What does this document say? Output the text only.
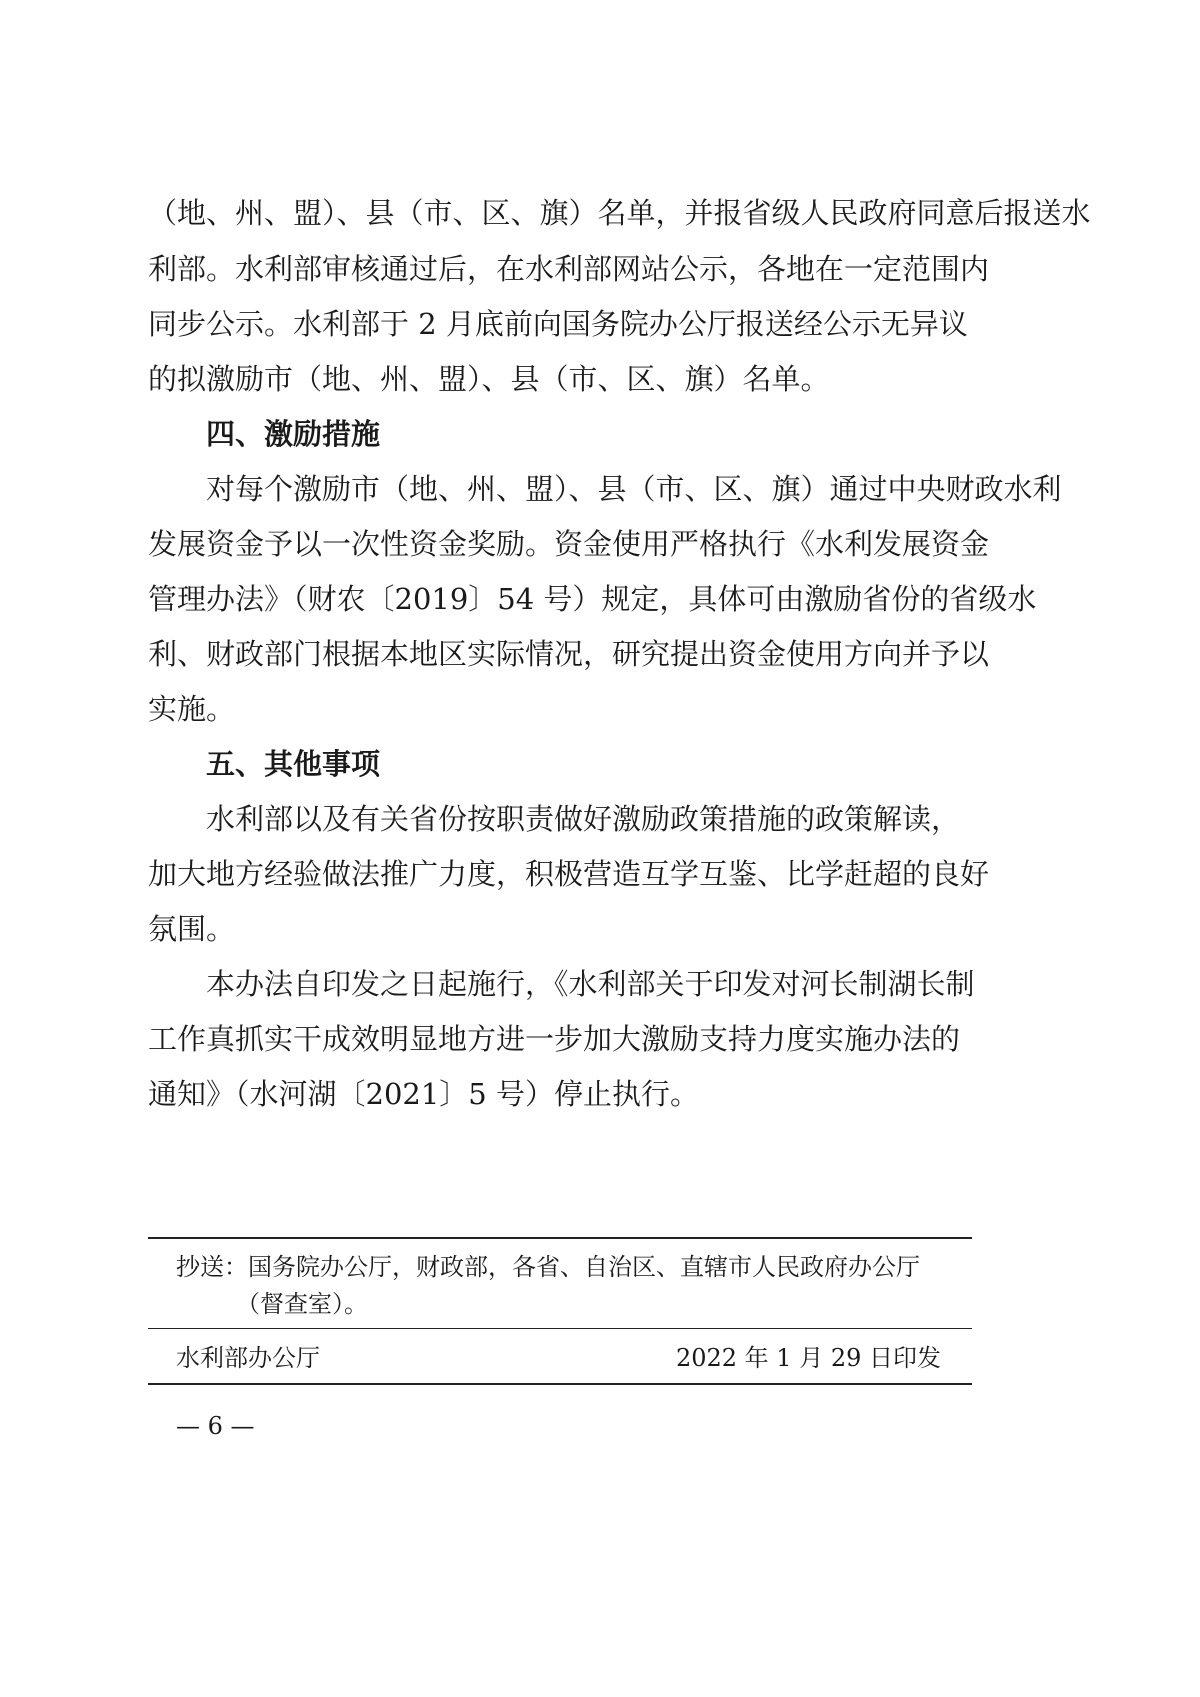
（地、州、盟）、县（市、区、旗）名单，并报省级人民政府同意后报送水
利部。水利部审核通过后，在水利部网站公示，各地在一定范围内
同步公示。水利部于 2 月底前向国务院办公厅报送经公示无异议
的拟激励市（地、州、盟）、县（市、区、旗）名单。
四、激励措施
对每个激励市（地、州、盟）、县（市、区、旗）通过中央财政水利
发展资金予以一次性资金奖励。资金使用严格执行《水利发展资金
管理办法》（财农〔2019〕54 号）规定，具体可由激励省份的省级水
利、财政部门根据本地区实际情况，研究提出资金使用方向并予以
实施。
五、其他事项
水利部以及有关省份按职责做好激励政策措施的政策解读，
加大地方经验做法推广力度，积极营造互学互鉴、比学赶超的良好
氛围。
本办法自印发之日起施行，《水利部关于印发对河长制湖长制
工作真抓实干成效明显地方进一步加大激励支持力度实施办法的
通知》（水河湖〔2021〕5 号）停止执行。
抄送：国务院办公厅，财政部，各省、自治区、直辖市人民政府办公厅
（督查室）。
水利部办公厅	2022 年 1 月 29 日印发
— 6 —
